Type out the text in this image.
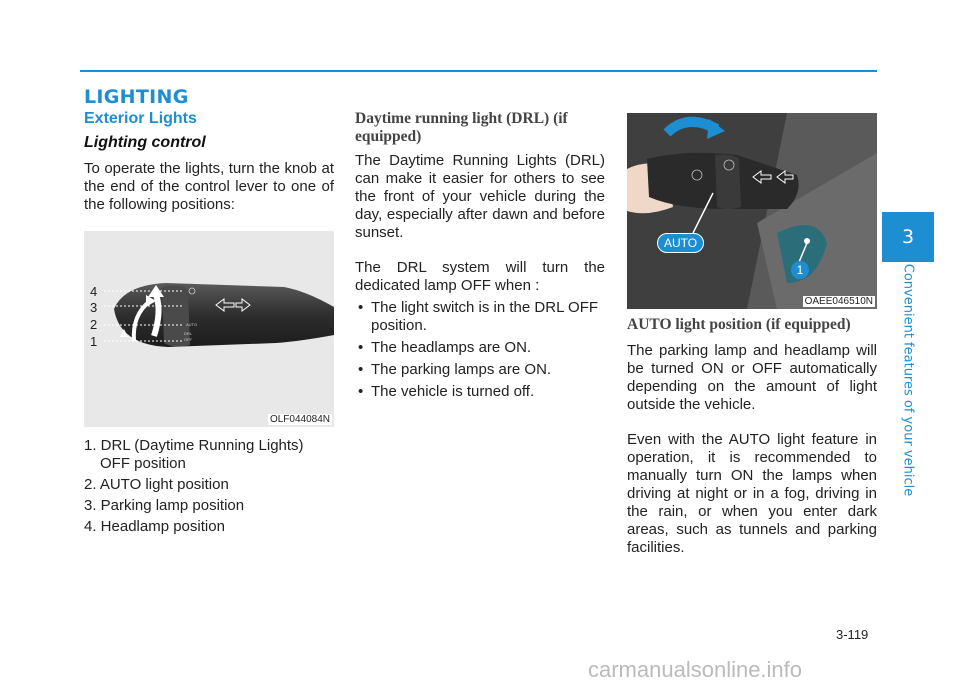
LIGHTING
Exterior Lights
Lighting control

To operate the lights, turn the knob at the end of the control lever to one of the following positions:

AUTO
DRL
OFF
4
3
2
1
OLF044084N
1. DRL (Daytime Running Lights) OFF position
2. AUTO light position
3. Parking lamp position
4. Headlamp position
Daytime running light (DRL) (if equipped)

The Daytime Running Lights (DRL) can make it easier for others to see the front of your vehicle during the day, especially after dawn and before sunset.

The DRL system will turn the dedicated lamp OFF when :

• The light switch is in the DRL OFF position.
• The headlamps are ON.
• The parking lamps are ON.
• The vehicle is turned off.
AUTO
1
OAEE046510N
AUTO light position (if equipped)

The parking lamp and headlamp will be turned ON or OFF automatically depending on the amount of light outside the vehicle.

Even with the AUTO light feature in operation, it is recommended to manually turn ON the lamps when driving at night or in a fog, driving in the rain, or when you enter dark areas, such as tunnels and parking facilities.

3
Convenient features of your vehicle
3-119
carmanualsonline.info
